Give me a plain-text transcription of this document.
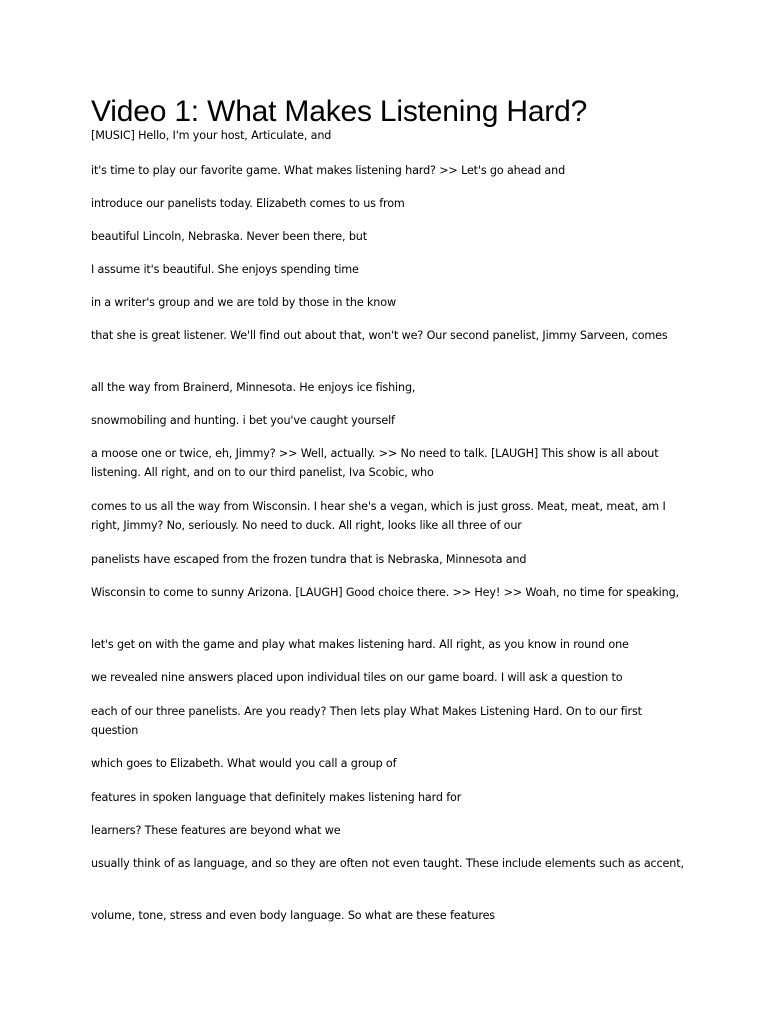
Video 1: What Makes Listening Hard?

[MUSIC] Hello, I'm your host, Articulate, and

it's time to play our favorite game. What makes listening hard? >> Let's go ahead and

introduce our panelists today. Elizabeth comes to us from

beautiful Lincoln, Nebraska. Never been there, but

I assume it's beautiful. She enjoys spending time

in a writer's group and we are told by those in the know

that she is great listener. We'll find out about that, won't we? Our second panelist, Jimmy Sarveen, comes

all the way from Brainerd, Minnesota. He enjoys ice fishing,

snowmobiling and hunting. i bet you've caught yourself

a moose one or twice, eh, Jimmy? >> Well, actually. >> No need to talk. [LAUGH] This show is all about listening. All right, and on to our third panelist, Iva Scobic, who

comes to us all the way from Wisconsin. I hear she's a vegan, which is just gross. Meat, meat, meat, am I right, Jimmy? No, seriously. No need to duck. All right, looks like all three of our

panelists have escaped from the frozen tundra that is Nebraska, Minnesota and

Wisconsin to come to sunny Arizona. [LAUGH] Good choice there. >> Hey! >> Woah, no time for speaking,

let's get on with the game and play what makes listening hard. All right, as you know in round one

we revealed nine answers placed upon individual tiles on our game board. I will ask a question to

each of our three panelists. Are you ready? Then lets play What Makes Listening Hard. On to our first question

which goes to Elizabeth. What would you call a group of

features in spoken language that definitely makes listening hard for

learners? These features are beyond what we

usually think of as language, and so they are often not even taught. These include elements such as accent,

volume, tone, stress and even body language. So what are these features
